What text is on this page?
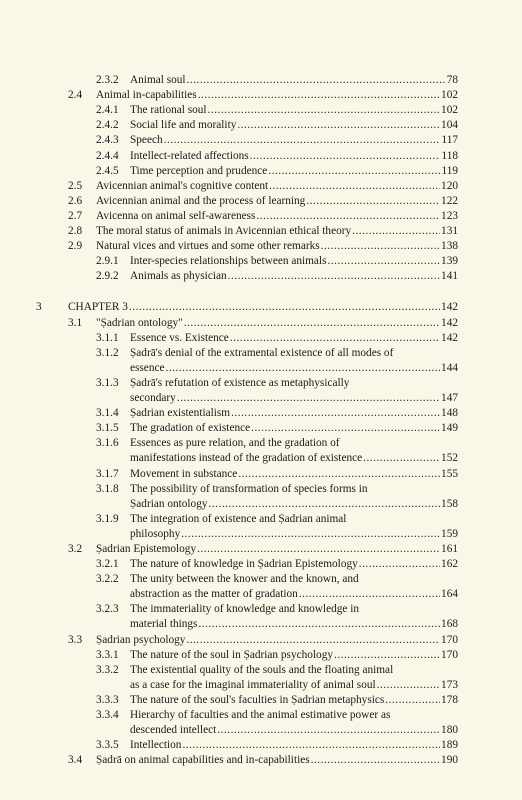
2.3.2 Animal soul .....	78
2.4 Animal in-capabilities .....	102
2.4.1 The rational soul .....	102
2.4.2 Social life and morality .....	104
2.4.3 Speech .....	117
2.4.4 Intellect-related affections .....	118
2.4.5 Time perception and prudence .....	119
2.5 Avicennian animal's cognitive content .....	120
2.6 Avicennian animal and the process of learning .....	122
2.7 Avicenna on animal self-awareness .....	123
2.8 The moral status of animals in Avicennian ethical theory .....	131
2.9 Natural vices and virtues and some other remarks .....	138
2.9.1 Inter-species relationships between animals .....	139
2.9.2 Animals as physician .....	141
3 CHAPTER 3 .....	142
3.1 "Ṣadrian ontology" .....	142
3.1.1 Essence vs. Existence .....	142
3.1.2 Ṣadrā's denial of the extramental existence of all modes of
essence .....	144
3.1.3 Ṣadrā's refutation of existence as metaphysically
secondary .....	147
3.1.4 Ṣadrian existentialism .....	148
3.1.5 The gradation of existence .....	149
3.1.6 Essences as pure relation, and the gradation of
manifestations instead of the gradation of existence .....	152
3.1.7 Movement in substance .....	155
3.1.8 The possibility of transformation of species forms in
Ṣadrian ontology .....	158
3.1.9 The integration of existence and Ṣadrian animal
philosophy .....	159
3.2 Ṣadrian Epistemology .....	161
3.2.1 The nature of knowledge in Ṣadrian Epistemology .....	162
3.2.2 The unity between the knower and the known, and
abstraction as the matter of gradation .....	164
3.2.3 The immateriality of knowledge and knowledge in
material things .....	168
3.3 Ṣadrian psychology .....	170
3.3.1 The nature of the soul in Ṣadrian psychology .....	170
3.3.2 The existential quality of the souls and the floating animal
as a case for the imaginal immateriality of animal soul .....	173
3.3.3 The nature of the soul's faculties in Ṣadrian metaphysics .....	178
3.3.4 Hierarchy of faculties and the animal estimative power as
descended intellect .....	180
3.3.5 Intellection .....	189
3.4 Ṣadrā on animal capabilities and in-capabilities .....	190
